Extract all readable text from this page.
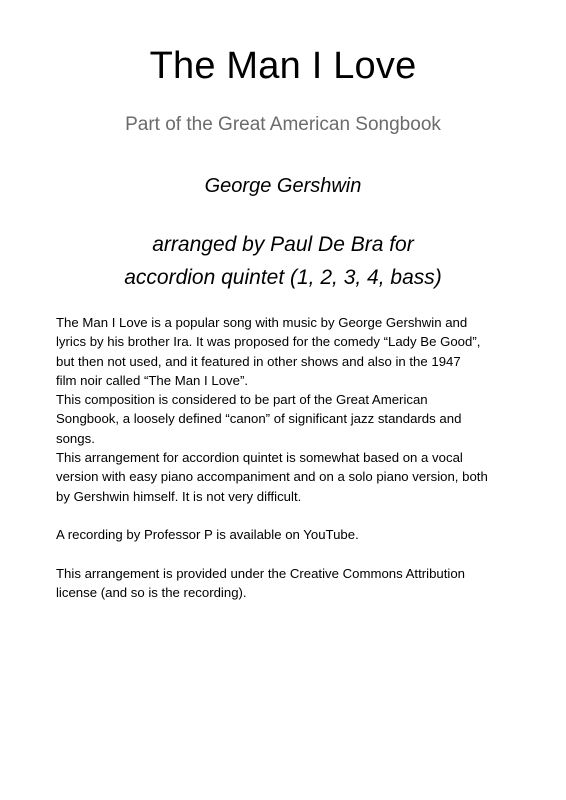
The Man I Love
Part of the Great American Songbook
George Gershwin
arranged by Paul De Bra for
accordion quintet (1, 2, 3, 4, bass)

The Man I Love is a popular song with music by George Gershwin and

lyrics by his brother Ira. It was proposed for the comedy “Lady Be Good”,

but then not used, and it featured in other shows and also in the 1947

film noir called “The Man I Love”.

This composition is considered to be part of the Great American

Songbook, a loosely defined “canon” of significant jazz standards and

songs.

This arrangement for accordion quintet is somewhat based on a vocal

version with easy piano accompaniment and on a solo piano version, both

by Gershwin himself. It is not very difficult.

A recording by Professor P is available on YouTube.

This arrangement is provided under the Creative Commons Attribution

license (and so is the recording).
